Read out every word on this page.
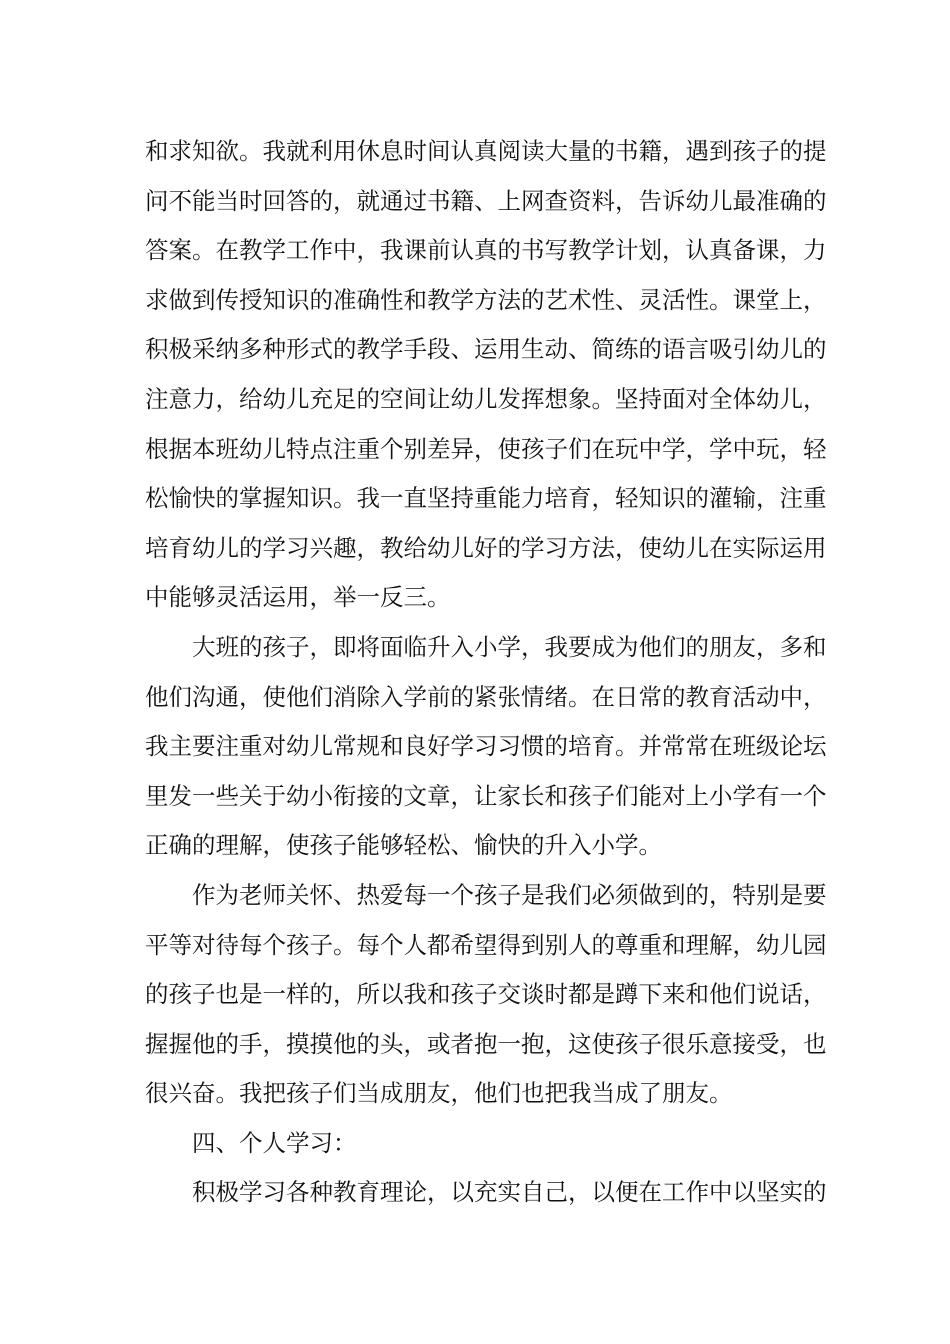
和求知欲。我就利用休息时间认真阅读大量的书籍，遇到孩子的提
问不能当时回答的，就通过书籍、上网查资料，告诉幼儿最准确的
答案。在教学工作中，我课前认真的书写教学计划，认真备课，力
求做到传授知识的准确性和教学方法的艺术性、灵活性。课堂上，
积极采纳多种形式的教学手段、运用生动、简练的语言吸引幼儿的
注意力，给幼儿充足的空间让幼儿发挥想象。坚持面对全体幼儿，
根据本班幼儿特点注重个别差异，使孩子们在玩中学，学中玩，轻
松愉快的掌握知识。我一直坚持重能力培育，轻知识的灌输，注重
培育幼儿的学习兴趣，教给幼儿好的学习方法，使幼儿在实际运用
中能够灵活运用，举一反三。
大班的孩子，即将面临升入小学，我要成为他们的朋友，多和
他们沟通，使他们消除入学前的紧张情绪。在日常的教育活动中，
我主要注重对幼儿常规和良好学习习惯的培育。并常常在班级论坛
里发一些关于幼小衔接的文章，让家长和孩子们能对上小学有一个
正确的理解，使孩子能够轻松、愉快的升入小学。
作为老师关怀、热爱每一个孩子是我们必须做到的，特别是要
平等对待每个孩子。每个人都希望得到别人的尊重和理解，幼儿园
的孩子也是一样的，所以我和孩子交谈时都是蹲下来和他们说话，
握握他的手，摸摸他的头，或者抱一抱，这使孩子很乐意接受，也
很兴奋。我把孩子们当成朋友，他们也把我当成了朋友。
四、个人学习：
积极学习各种教育理论，以充实自己，以便在工作中以坚实的
